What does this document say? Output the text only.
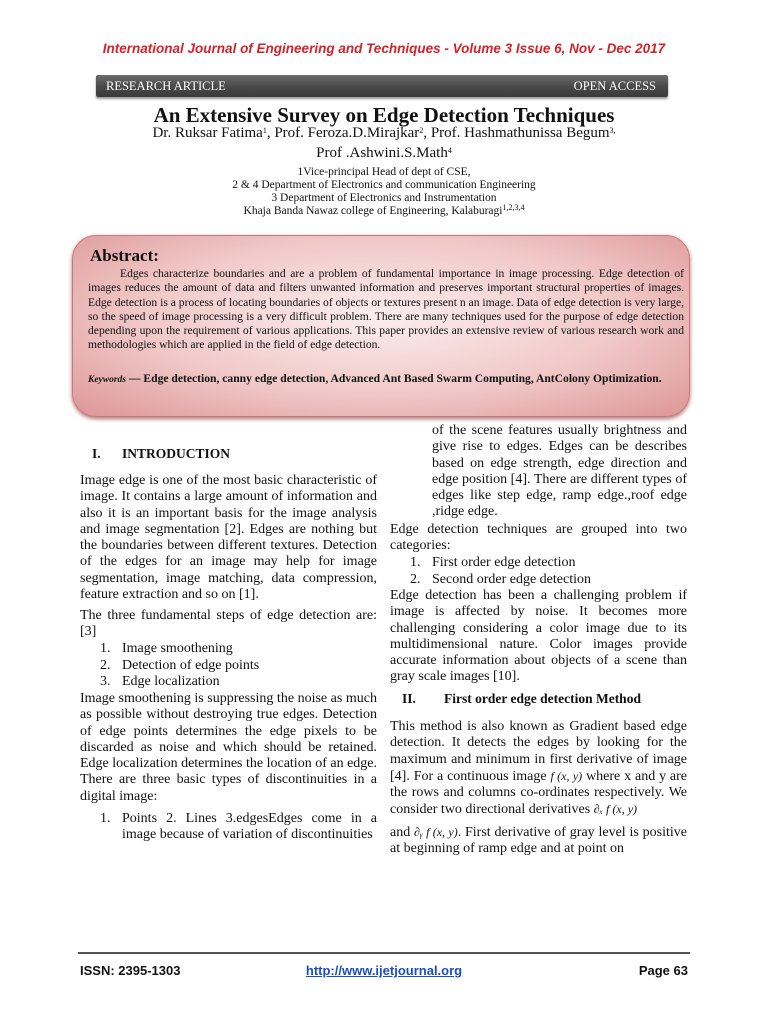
International Journal of Engineering and Techniques - Volume 3 Issue 6, Nov - Dec 2017
RESEARCH ARTICLE	OPEN ACCESS
An Extensive Survey on Edge Detection Techniques
Dr. Ruksar Fatima$^1$, Prof. Feroza.D.Mirajkar$^2$, Prof. Hashmathunissa Begum$^{3,}$
Prof .Ashwini.S.Math$^4$
1Vice-principal Head of dept of CSE,
2 & 4 Department of Electronics and communication Engineering
3 Department of Electronics and Instrumentation
Khaja Banda Nawaz college of Engineering, Kalaburagi$^{1,2,3,4}$
Abstract:
Edges characterize boundaries and are a problem of fundamental importance in image processing. Edge detection of images reduces the amount of data and filters unwanted information and preserves important structural properties of images. Edge detection is a process of locating boundaries of objects or textures present n an image. Data of edge detection is very large, so the speed of image processing is a very difficult problem. There are many techniques used for the purpose of edge detection depending upon the requirement of various applications. This paper provides an extensive review of various research work and methodologies which are applied in the field of edge detection.
Keywords — Edge detection, canny edge detection, Advanced Ant Based Swarm Computing, AntColony Optimization.
I. INTRODUCTION
Image edge is one of the most basic characteristic of image. It contains a large amount of information and also it is an important basis for the image analysis and image segmentation [2]. Edges are nothing but the boundaries between different textures. Detection of the edges for an image may help for image segmentation, image matching, data compression, feature extraction and so on [1].
The three fundamental steps of edge detection are: [3]
1. Image smoothening
2. Detection of edge points
3. Edge localization
Image smoothening is suppressing the noise as much as possible without destroying true edges. Detection of edge points determines the edge pixels to be discarded as noise and which should be retained. Edge localization determines the location of an edge. There are three basic types of discontinuities in a digital image:
1. Points 2. Lines 3.edgesEdges come in a image because of variation of discontinuities
of the scene features usually brightness and give rise to edges. Edges can be describes based on edge strength, edge direction and edge position [4]. There are different types of edges like step edge, ramp edge.,roof edge ,ridge edge.
Edge detection techniques are grouped into two categories:
1. First order edge detection
2. Second order edge detection
Edge detection has been a challenging problem if image is affected by noise. It becomes more challenging considering a color image due to its multidimensional nature. Color images provide accurate information about objects of a scene than gray scale images [10].
II. First order edge detection Method
This method is also known as Gradient based edge detection. It detects the edges by looking for the maximum and minimum in first derivative of image [4]. For a continuous image f (x, y) where x and y are the rows and columns co-ordinates respectively. We consider two directional derivatives ∂ₓ f (x, y)
and ∂ᵧ f (x, y). First derivative of gray level is positive at beginning of ramp edge and at point on
ISSN: 2395-1303	http://www.ijetjournal.org	Page 63
